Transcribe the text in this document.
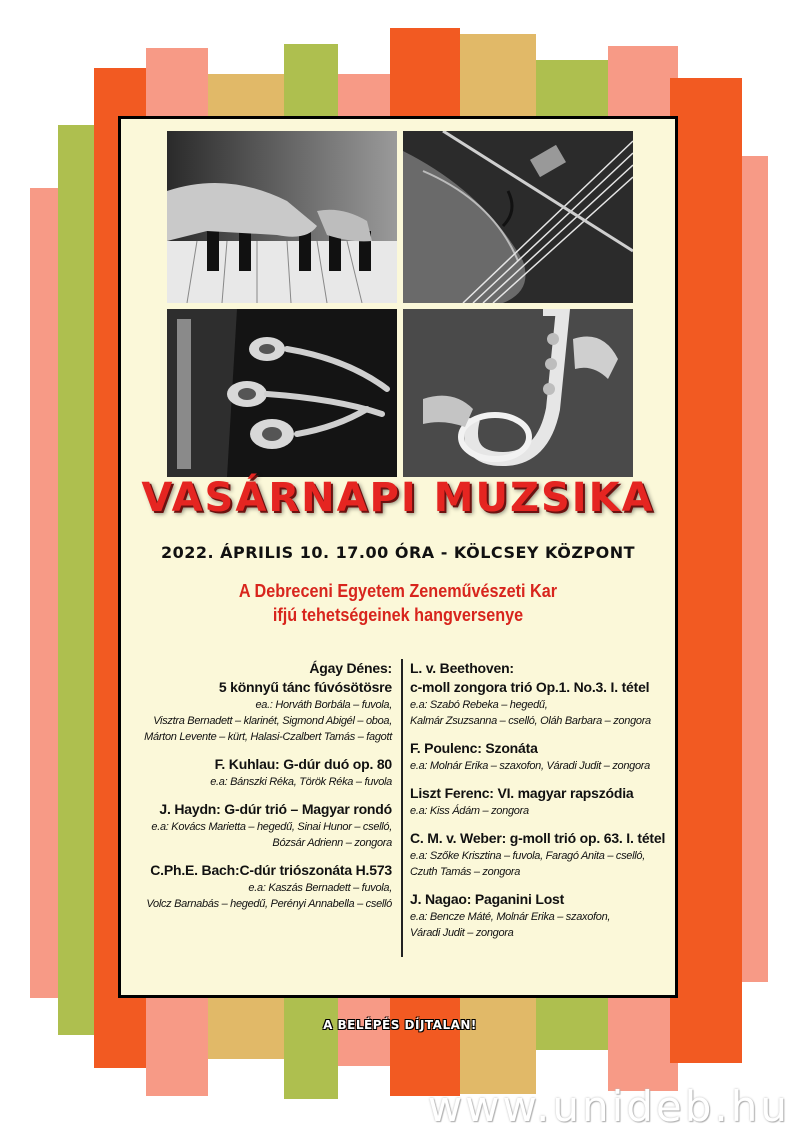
VASÁRNAPI MUZSIKA
2022. ÁPRILIS 10. 17.00 ÓRA - KÖLCSEY KÖZPONT
A Debreceni Egyetem Zeneművészeti Kar
ifjú tehetségeinek hangversenye
Ágay Dénes:
5 könnyű tánc fúvósötösre
ea.: Horváth Borbála – fuvola,
Visztra Bernadett – klarinét, Sigmond Abigél – oboa,
Márton Levente – kürt, Halasi-Czalbert Tamás – fagott
F. Kuhlau: G-dúr duó op. 80
e.a: Bánszki Réka, Török Réka – fuvola
J. Haydn: G-dúr trió – Magyar rondó
e.a: Kovács Marietta – hegedű, Sinai Hunor – cselló,
Bózsár Adrienn – zongora
C.Ph.E. Bach:C-dúr triószonáta H.573
e.a: Kaszás Bernadett – fuvola,
Volcz Barnabás – hegedű, Perényi Annabella – cselló
L. v. Beethoven:
c-moll zongora trió Op.1. No.3. I. tétel
e.a: Szabó Rebeka – hegedű,
Kalmár Zsuzsanna – cselló, Oláh Barbara – zongora
F. Poulenc: Szonáta
e.a: Molnár Erika – szaxofon, Váradi Judit – zongora
Liszt Ferenc: VI. magyar rapszódia
e.a: Kiss Ádám – zongora
C. M. v. Weber: g-moll trió op. 63. I. tétel
e.a: Szőke Krisztina – fuvola, Faragó Anita – cselló,
Czuth Tamás – zongora
J. Nagao: Paganini Lost
e.a: Bencze Máté, Molnár Erika – szaxofon,
Váradi Judit – zongora
A BELÉPÉS DÍJTALAN!
www.unideb.hu
